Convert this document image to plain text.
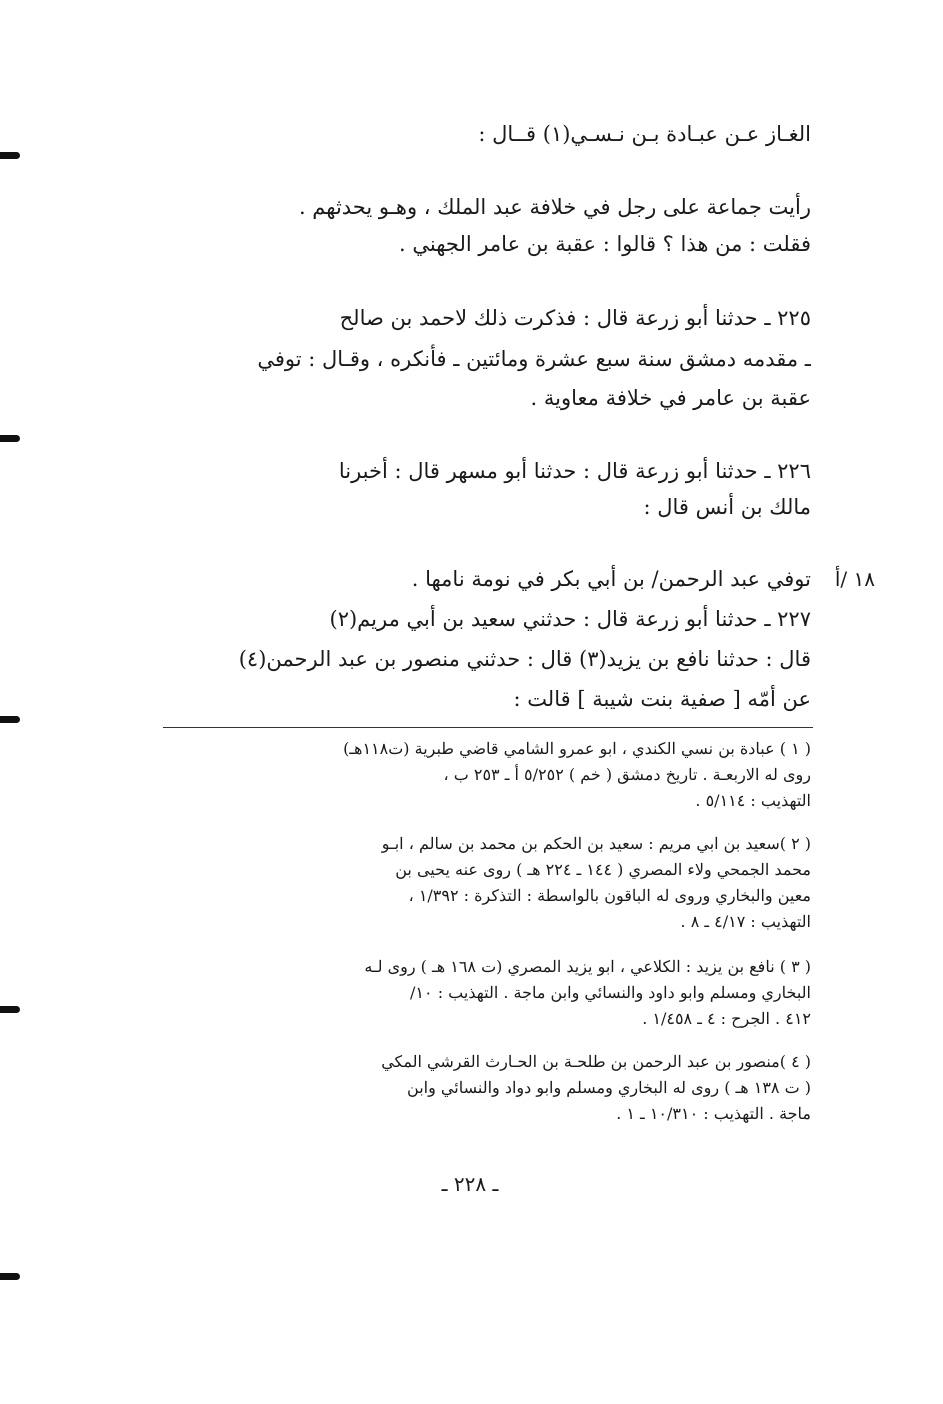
الغـاز عـن عبـادة بـن نـسـي(١) قــال :
رأيت جماعة على رجل في خلافة عبد الملك ، وهـو يحدثهم .
فقلت : من هذا ؟ قالوا : عقبة بن عامر الجهني .
٢٢٥ ـ حدثنا أبو زرعة قال : فذكرت ذلك لاحمد بن صالح
ـ مقدمه دمشق سنة سبع عشرة ومائتين ـ فأنكره ، وقـال : توفي
عقبة بن عامر في خلافة معاوية .
٢٢٦ ـ حدثنا أبو زرعة قال : حدثنا أبو مسهر قال : أخبرنا
مالك بن أنس قال :
١٨ /أ
توفي عبد الرحمن/ بن أبي بكر في نومة نامها .
٢٢٧ ـ حدثنا أبو زرعة قال : حدثني سعيد بن أبي مريم(٢)
قال : حدثنا نافع بن يزيد(٣) قال : حدثني منصور بن عبد الرحمن(٤)
عن أمّه [ صفية بنت شيبة ] قالت :
( ١ ) عبادة بن نسي الكندي ، ابو عمرو الشامي قاضي طبرية (ت١١٨هـ)
روى له الاربعـة . تاريخ دمشق ( خم ) ٥/٢٥٢ أ ـ ٢٥٣ ب ،
التهذيب : ٥/١١٤ .
( ٢ )سعيد بن ابي مريم : سعيد بن الحكم بن محمد بن سالم ، ابـو
محمد الجمحي ولاء المصري ( ١٤٤ ـ ٢٢٤ هـ ) روى عنه يحيى بن
معين والبخاري وروى له الباقون بالواسطة : التذكرة : ١/٣٩٢ ،
التهذيب : ٤/١٧ ـ ٨ .
( ٣ ) نافع بن يزيد : الكلاعي ، ابو يزيد المصري (ت ١٦٨ هـ ) روى لـه
البخاري ومسلم وابو داود والنسائي وابن ماجة . التهذيب : ١٠/
٤١٢ . الجرح : ٤ ـ ١/٤٥٨ .
( ٤ )منصور بن عبد الرحمن بن طلحـة بن الحـارث القرشي المكي
( ت ١٣٨ هـ ) روى له البخاري ومسلم وابو دواد والنسائي وابن
ماجة . التهذيب : ١٠/٣١٠ ـ ١ .
ـ ٢٢٨ ـ
